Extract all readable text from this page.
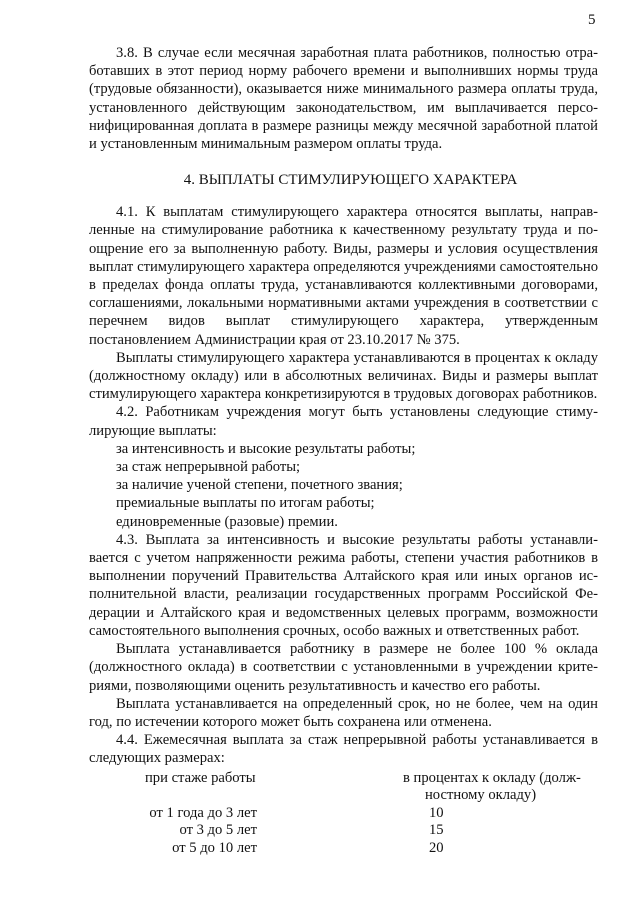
5

3.8. В случае если месячная заработная плата работников, полностью отработавших в этот период норму рабочего времени и выполнивших нормы труда (трудовые обязанности), оказывается ниже минимального размера оплаты труда, установленного действующим законодательством, им выплачивается персонифицированная доплата в размере разницы между месячной заработной платой и установленным минимальным размером оплаты труда.

4. ВЫПЛАТЫ СТИМУЛИРУЮЩЕГО ХАРАКТЕРА

4.1. К выплатам стимулирующего характера относятся выплаты, направленные на стимулирование работника к качественному результату труда и поощрение его за выполненную работу. Виды, размеры и условия осуществления выплат стимулирующего характера определяются учреждениями самостоятельно в пределах фонда оплаты труда, устанавливаются коллективными договорами, соглашениями, локальными нормативными актами учреждения в соответствии с перечнем видов выплат стимулирующего характера, утвержденным постановлением Администрации края от 23.10.2017 № 375.

Выплаты стимулирующего характера устанавливаются в процентах к окладу (должностному окладу) или в абсолютных величинах. Виды и размеры выплат стимулирующего характера конкретизируются в трудовых договорах работников.

4.2. Работникам учреждения могут быть установлены следующие стимулирующие выплаты:

за интенсивность и высокие результаты работы;

за стаж непрерывной работы;

за наличие ученой степени, почетного звания;

премиальные выплаты по итогам работы;

единовременные (разовые) премии.

4.3. Выплата за интенсивность и высокие результаты работы устанавливается с учетом напряженности режима работы, степени участия работников в выполнении поручений Правительства Алтайского края или иных органов исполнительной власти, реализации государственных программ Российской Федерации и Алтайского края и ведомственных целевых программ, возможности самостоятельного выполнения срочных, особо важных и ответственных работ.

Выплата устанавливается работнику в размере не более 100 % оклада (должностного оклада) в соответствии с установленными в учреждении критериями, позволяющими оценить результативность и качество его работы.

Выплата устанавливается на определенный срок, но не более, чем на один год, по истечении которого может быть сохранена или отменена.

4.4. Ежемесячная выплата за стаж непрерывной работы устанавливается в следующих размерах:

при стаже работы	в процентах к окладу (долж-
ностному окладу)
от 1 года до 3 лет		10
от 3 до 5 лет		15
от 5 до 10 лет		20
